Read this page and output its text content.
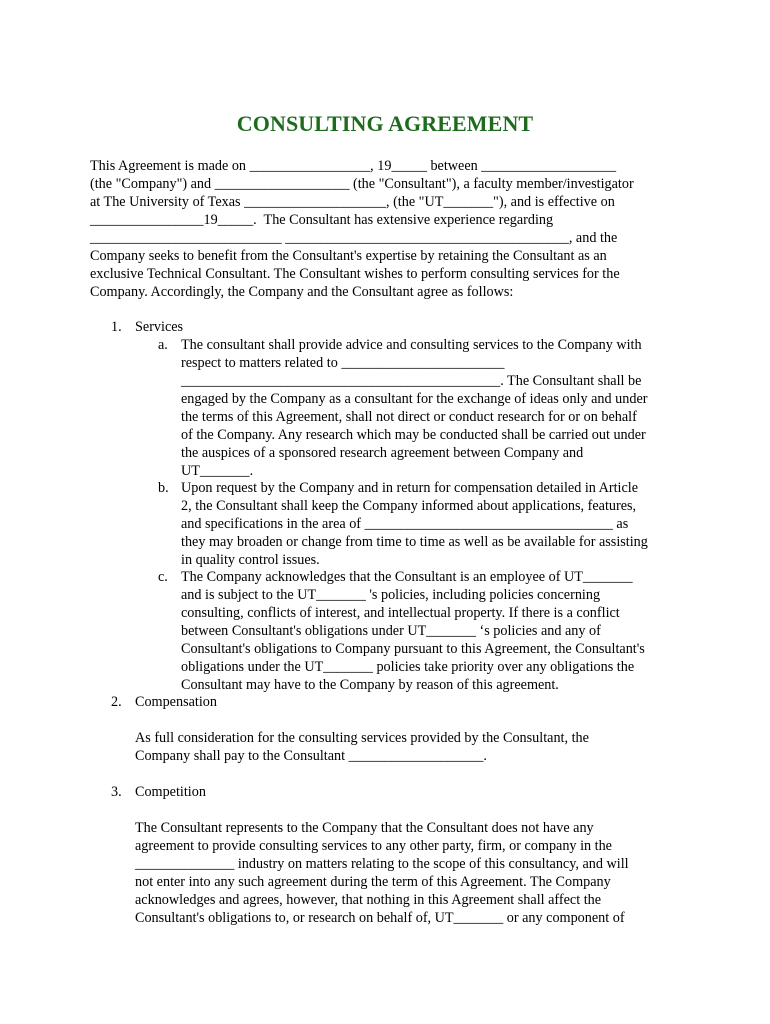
CONSULTING AGREEMENT
This Agreement is made on _________________, 19_____ between ___________________
(the "Company") and ___________________ (the "Consultant"), a faculty member/investigator
at The University of Texas ____________________, (the "UT_______"), and is effective on
________________19_____.  The Consultant has extensive experience regarding
___________________________ ________________________________________, and the
Company seeks to benefit from the Consultant's expertise by retaining the Consultant as an
exclusive Technical Consultant. The Consultant wishes to perform consulting services for the
Company. Accordingly, the Company and the Consultant agree as follows:
1. Services
a. The consultant shall provide advice and consulting services to the Company with
respect to matters related to _______________________
_____________________________________________. The Consultant shall be
engaged by the Company as a consultant for the exchange of ideas only and under
the terms of this Agreement, shall not direct or conduct research for or on behalf
of the Company. Any research which may be conducted shall be carried out under
the auspices of a sponsored research agreement between Company and
UT_______.
b. Upon request by the Company and in return for compensation detailed in Article
2, the Consultant shall keep the Company informed about applications, features,
and specifications in the area of ___________________________________ as
they may broaden or change from time to time as well as be available for assisting
in quality control issues.
c. The Company acknowledges that the Consultant is an employee of UT_______
and is subject to the UT_______ 's policies, including policies concerning
consulting, conflicts of interest, and intellectual property. If there is a conflict
between Consultant's obligations under UT_______ ‘s policies and any of
Consultant's obligations to Company pursuant to this Agreement, the Consultant's
obligations under the UT_______ policies take priority over any obligations the
Consultant may have to the Company by reason of this agreement.
2. Compensation
As full consideration for the consulting services provided by the Consultant, the
Company shall pay to the Consultant ___________________.
3. Competition
The Consultant represents to the Company that the Consultant does not have any
agreement to provide consulting services to any other party, firm, or company in the
______________ industry on matters relating to the scope of this consultancy, and will
not enter into any such agreement during the term of this Agreement. The Company
acknowledges and agrees, however, that nothing in this Agreement shall affect the
Consultant's obligations to, or research on behalf of, UT_______ or any component of
